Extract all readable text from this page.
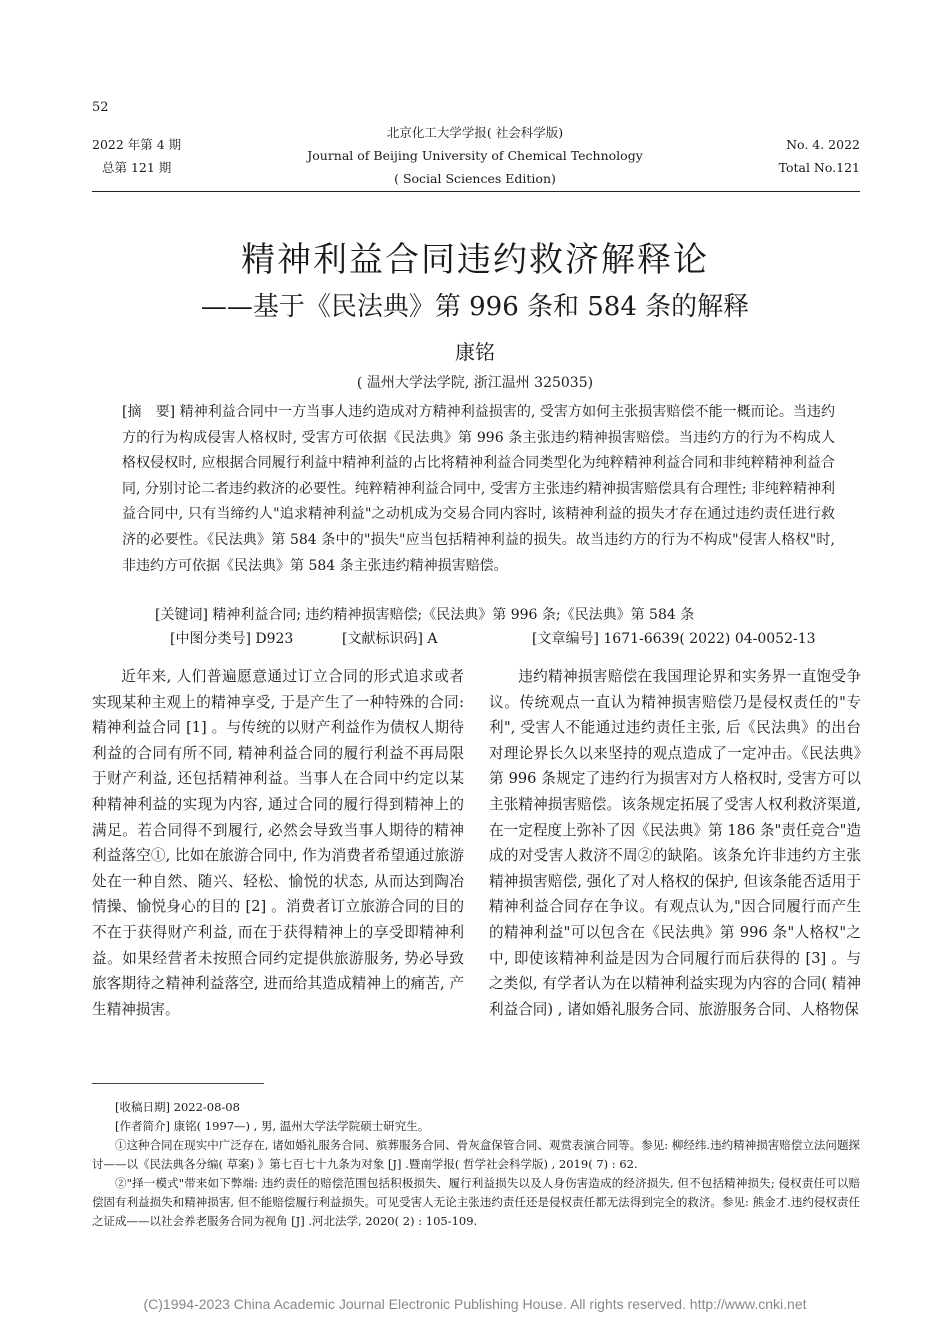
52
2022 年第 4 期
总第 121 期
北京化工大学学报( 社会科学版)
Journal of Beijing University of Chemical Technology
( Social Sciences Edition)
No. 4. 2022
Total No.121
精神利益合同违约救济解释论
——基于《民法典》第 996 条和 584 条的解释
康铭
( 温州大学法学院, 浙江温州 325035)
[摘　要] 精神利益合同中一方当事人违约造成对方精神利益损害的, 受害方如何主张损害赔偿不能一概而论。当违约方的行为构成侵害人格权时, 受害方可依据《民法典》第 996 条主张违约精神损害赔偿。当违约方的行为不构成人格权侵权时, 应根据合同履行利益中精神利益的占比将精神利益合同类型化为纯粹精神利益合同和非纯粹精神利益合同, 分别讨论二者违约救济的必要性。纯粹精神利益合同中, 受害方主张违约精神损害赔偿具有合理性; 非纯粹精神利益合同中, 只有当缔约人"追求精神利益"之动机成为交易合同内容时, 该精神利益的损失才存在通过违约责任进行救济的必要性。《民法典》第 584 条中的"损失"应当包括精神利益的损失。故当违约方的行为不构成"侵害人格权"时, 非违约方可依据《民法典》第 584 条主张违约精神损害赔偿。
[关键词] 精神利益合同; 违约精神损害赔偿;《民法典》第 996 条;《民法典》第 584 条
[中图分类号] D923	[文献标识码] A	[文章编号] 1671-6639( 2022) 04-0052-13

近年来, 人们普遍愿意通过订立合同的形式追求或者实现某种主观上的精神享受, 于是产生了一种特殊的合同: 精神利益合同 [1] 。与传统的以财产利益作为债权人期待利益的合同有所不同, 精神利益合同的履行利益不再局限于财产利益, 还包括精神利益。当事人在合同中约定以某种精神利益的实现为内容, 通过合同的履行得到精神上的满足。若合同得不到履行, 必然会导致当事人期待的精神利益落空①, 比如在旅游合同中, 作为消费者希望通过旅游处在一种自然、随兴、轻松、愉悦的状态, 从而达到陶冶情操、愉悦身心的目的 [2] 。消费者订立旅游合同的目的不在于获得财产利益, 而在于获得精神上的享受即精神利益。如果经营者未按照合同约定提供旅游服务, 势必导致旅客期待之精神利益落空, 进而给其造成精神上的痛苦, 产生精神损害。

违约精神损害赔偿在我国理论界和实务界一直饱受争议。传统观点一直认为精神损害赔偿乃是侵权责任的"专利", 受害人不能通过违约责任主张, 后《民法典》的出台对理论界长久以来坚持的观点造成了一定冲击。《民法典》第 996 条规定了违约行为损害对方人格权时, 受害方可以主张精神损害赔偿。该条规定拓展了受害人权利救济渠道, 在一定程度上弥补了因《民法典》第 186 条"责任竞合"造成的对受害人救济不周②的缺陷。该条允许非违约方主张精神损害赔偿, 强化了对人格权的保护, 但该条能否适用于精神利益合同存在争议。有观点认为,"因合同履行而产生的精神利益"可以包含在《民法典》第 996 条"人格权"之中, 即使该精神利益是因为合同履行而后获得的 [3] 。与之类似, 有学者认为在以精神利益实现为内容的合同( 精神利益合同) , 诸如婚礼服务合同、旅游服务合同、人格物保

[收稿日期] 2022-08-08
[作者简介] 康铭( 1997—) , 男, 温州大学法学院硕士研究生。
①这种合同在现实中广泛存在, 诸如婚礼服务合同、殡葬服务合同、骨灰盒保管合同、观赏表演合同等。参见: 柳经纬.违约精神损害赔偿立法问题探讨——以《民法典各分编( 草案) 》第七百七十九条为对象 [J] .暨南学报( 哲学社会科学版) , 2019( 7) : 62.
②"择一模式"带来如下弊端: 违约责任的赔偿范围包括积极损失、履行利益损失以及人身伤害造成的经济损失, 但不包括精神损失; 侵权责任可以赔偿固有利益损失和精神损害, 但不能赔偿履行利益损失。可见受害人无论主张违约责任还是侵权责任都无法得到完全的救济。参见: 熊金才.违约侵权责任之证成——以社会养老服务合同为视角 [J] .河北法学, 2020( 2) : 105-109.
(C)1994-2023 China Academic Journal Electronic Publishing House. All rights reserved. http://www.cnki.net
